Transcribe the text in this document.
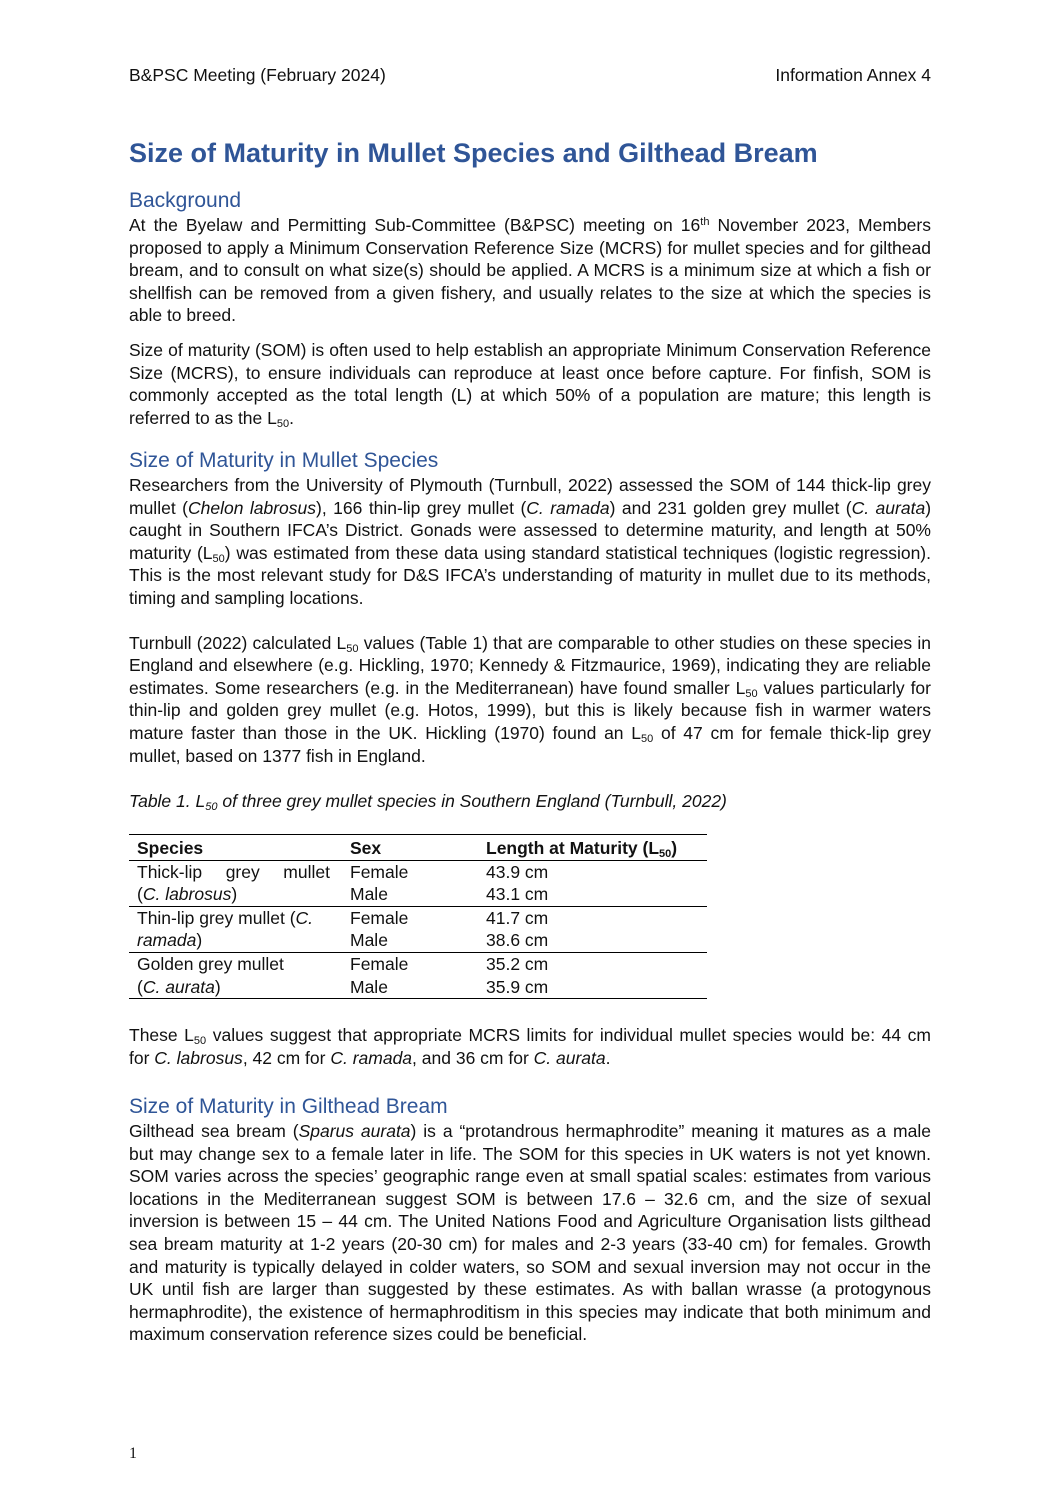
B&PSC Meeting (February 2024)	Information Annex 4
Size of Maturity in Mullet Species and Gilthead Bream
Background

At the Byelaw and Permitting Sub-Committee (B&PSC) meeting on 16th November 2023, Members proposed to apply a Minimum Conservation Reference Size (MCRS) for mullet species and for gilthead bream, and to consult on what size(s) should be applied. A MCRS is a minimum size at which a fish or shellfish can be removed from a given fishery, and usually relates to the size at which the species is able to breed.

Size of maturity (SOM) is often used to help establish an appropriate Minimum Conservation Reference Size (MCRS), to ensure individuals can reproduce at least once before capture. For finfish, SOM is commonly accepted as the total length (L) at which 50% of a population are mature; this length is referred to as the $L_{50}$.

Size of Maturity in Mullet Species

Researchers from the University of Plymouth (Turnbull, 2022) assessed the SOM of 144 thick-lip grey mullet (Chelon labrosus), 166 thin-lip grey mullet (C. ramada) and 231 golden grey mullet (C. aurata) caught in Southern IFCA’s District. Gonads were assessed to determine maturity, and length at 50% maturity $(L_{50})$ was estimated from these data using standard statistical techniques (logistic regression). This is the most relevant study for D&S IFCA’s understanding of maturity in mullet due to its methods, timing and sampling locations.

Turnbull (2022) calculated $L_{50}$ values (Table 1) that are comparable to other studies on these species in England and elsewhere (e.g. Hickling, 1970; Kennedy & Fitzmaurice, 1969), indicating they are reliable estimates. Some researchers (e.g. in the Mediterranean) have found smaller $L_{50}$ values particularly for thin-lip and golden grey mullet (e.g. Hotos, 1999), but this is likely because fish in warmer waters mature faster than those in the UK. Hickling (1970) found an $L_{50}$ of 47 cm for female thick-lip grey mullet, based on 1377 fish in England.

Table 1. $L_{50}$ of three grey mullet species in Southern England (Turnbull, 2022)
Species	Sex	Length at Maturity $(L_{50})$

Thick-lip grey mullet	Female	43.9 cm
(C. labrosus)	Male	43.1 cm
Thin-lip grey mullet (C.	Female	41.7 cm
ramada)	Male	38.6 cm
Golden grey mullet	Female	35.2 cm
(C. aurata)	Male	35.9 cm

These $L_{50}$ values suggest that appropriate MCRS limits for individual mullet species would be: 44 cm for C. labrosus, 42 cm for C. ramada, and 36 cm for C. aurata.

Size of Maturity in Gilthead Bream

Gilthead sea bream (Sparus aurata) is a “protandrous hermaphrodite” meaning it matures as a male but may change sex to a female later in life. The SOM for this species in UK waters is not yet known. SOM varies across the species’ geographic range even at small spatial scales: estimates from various locations in the Mediterranean suggest SOM is between 17.6 – 32.6 cm, and the size of sexual inversion is between 15 – 44 cm. The United Nations Food and Agriculture Organisation lists gilthead sea bream maturity at 1-2 years (20-30 cm) for males and 2-3 years (33-40 cm) for females. Growth and maturity is typically delayed in colder waters, so SOM and sexual inversion may not occur in the UK until fish are larger than suggested by these estimates. As with ballan wrasse (a protogynous hermaphrodite), the existence of hermaphroditism in this species may indicate that both minimum and maximum conservation reference sizes could be beneficial.

1
